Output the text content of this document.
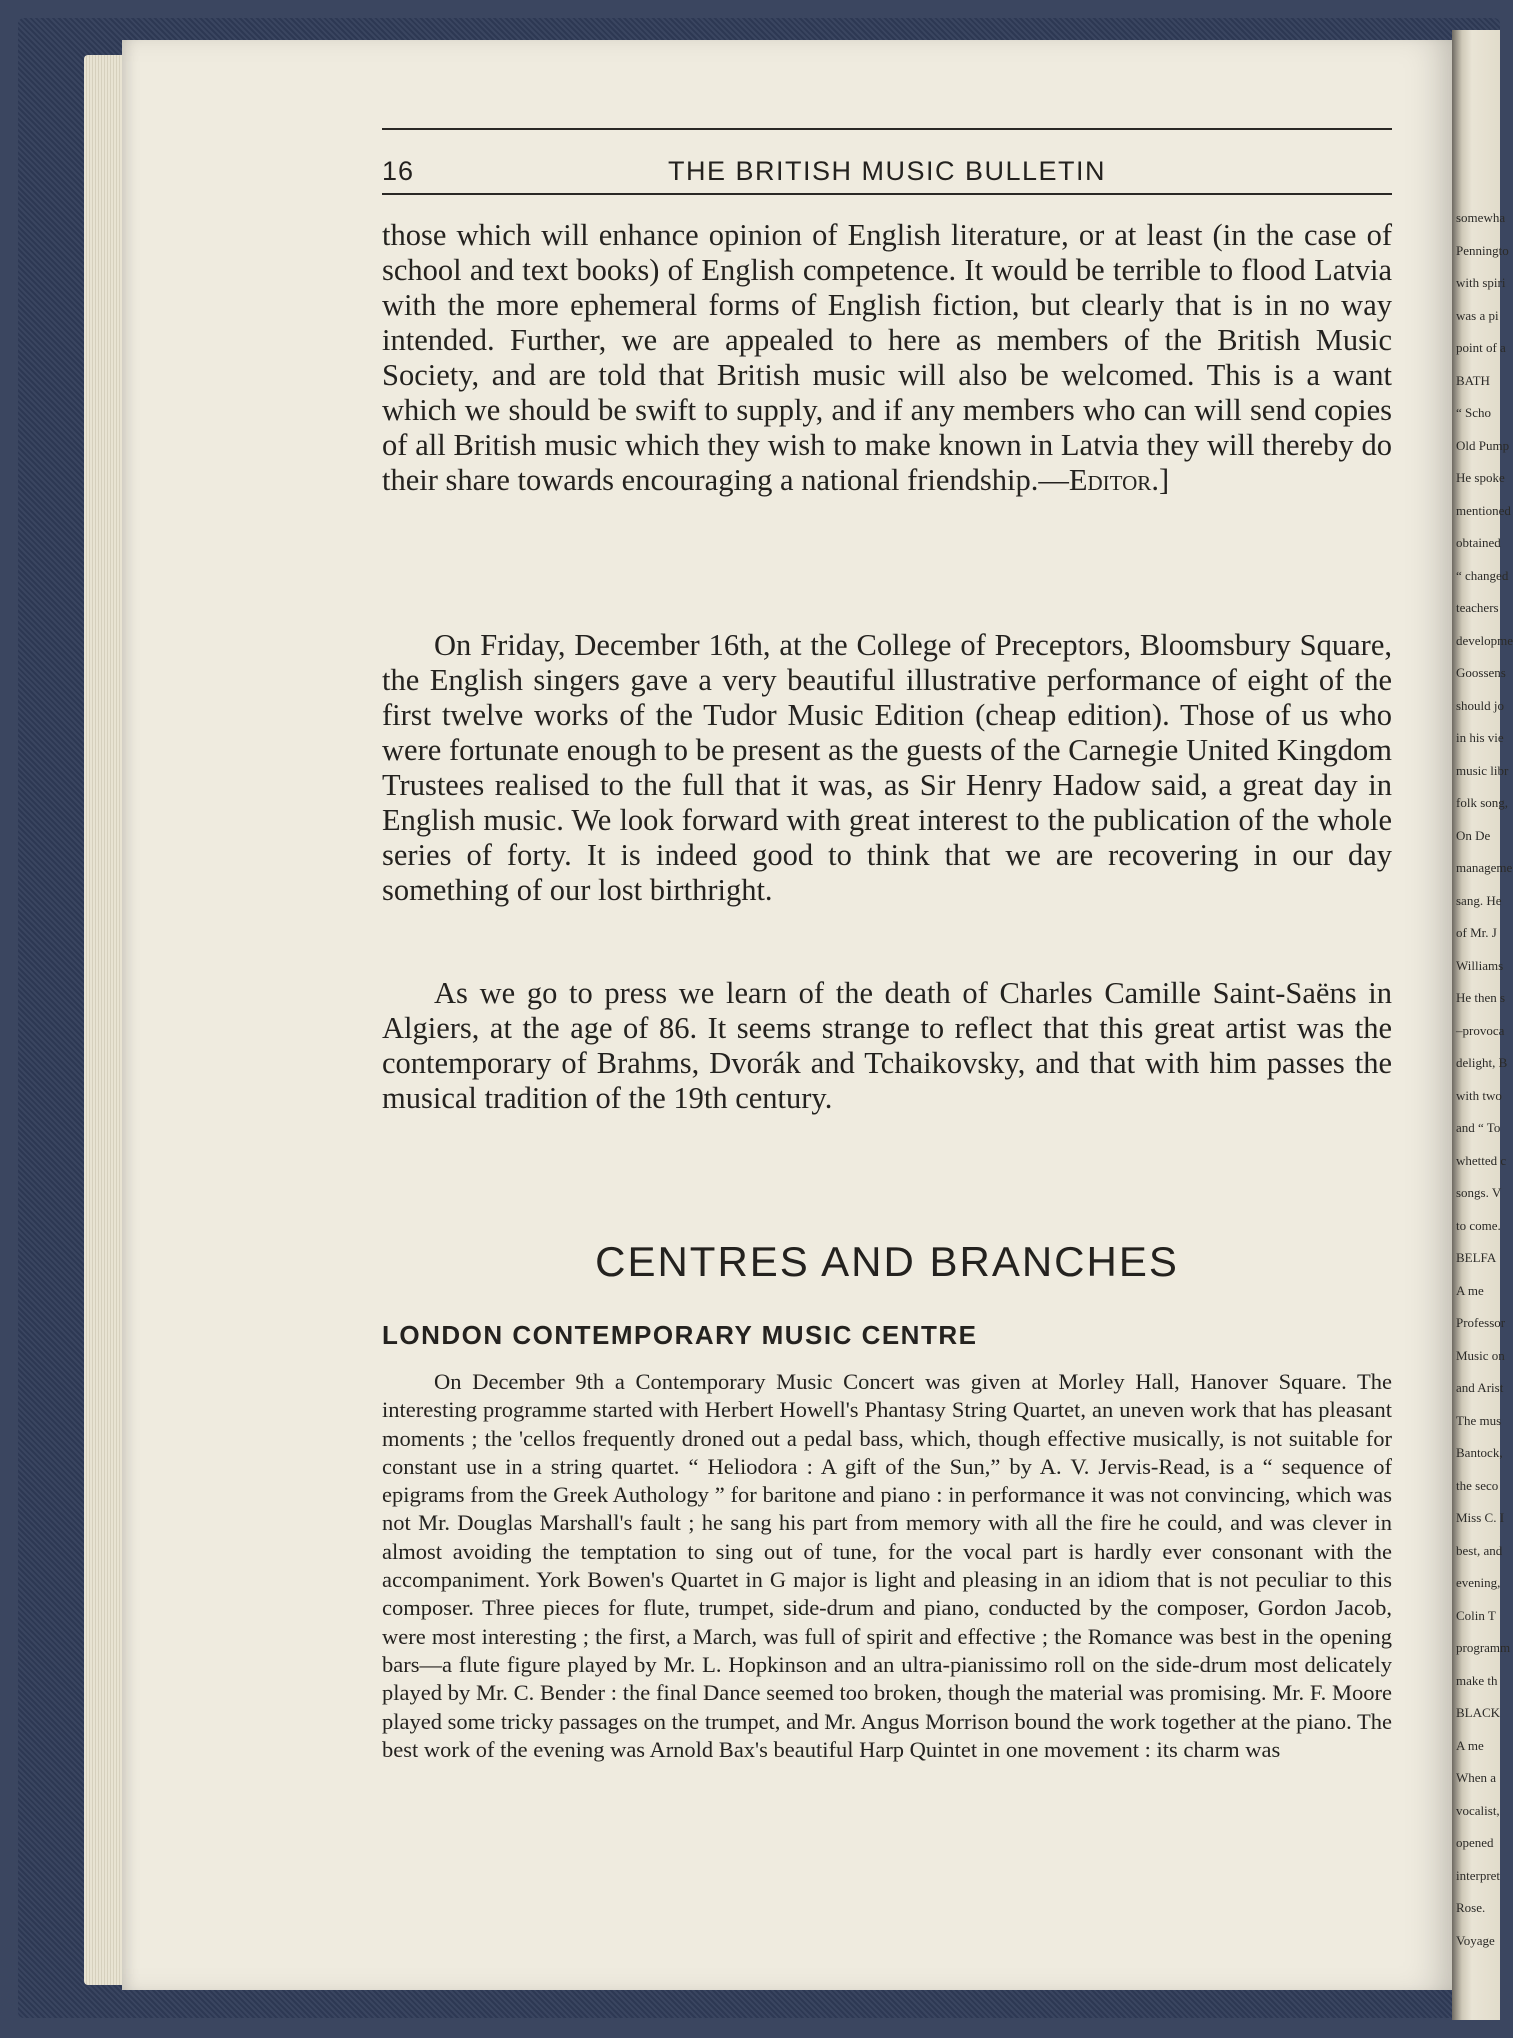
somewha
Penningto
with spiri
was a pi
point of a
BATH
“ Scho
Old Pump
He spoke
mentioned
obtained
“ changed
teachers
developme
Goossens
should jo
in his vie
music libr
folk song,
On De
manageme
sang. He
of Mr. J
Williams
He then s
–provoca
delight, B
with two
and “ To
whetted c
songs. V
to come.
BELFA
A me
Professor
Music on
and Arist
The mus
Bantock,
the seco
Miss C. I
best, and
evening,
Colin T
programm
make th
BLACK
A me
When a
vocalist,
opened
interpret
Rose.
Voyage
16	THE BRITISH MUSIC BULLETIN

those which will enhance opinion of English literature, or at least (in the case of school and text books) of English competence. It would be terrible to flood Latvia with the more ephemeral forms of English fiction, but clearly that is in no way intended. Further, we are appealed to here as members of the British Music Society, and are told that British music will also be welcomed. This is a want which we should be swift to supply, and if any members who can will send copies of all British music which they wish to make known in Latvia they will thereby do their share towards encouraging a national friendship.—Editor.]

On Friday, December 16th, at the College of Preceptors, Bloomsbury Square, the English singers gave a very beautiful illustrative performance of eight of the first twelve works of the Tudor Music Edition (cheap edition). Those of us who were fortunate enough to be present as the guests of the Carnegie United Kingdom Trustees realised to the full that it was, as Sir Henry Hadow said, a great day in English music. We look forward with great interest to the publication of the whole series of forty. It is indeed good to think that we are recovering in our day something of our lost birthright.

As we go to press we learn of the death of Charles Camille Saint-Saëns in Algiers, at the age of 86. It seems strange to reflect that this great artist was the contemporary of Brahms, Dvorák and Tchaikovsky, and that with him passes the musical tradition of the 19th century.

CENTRES AND BRANCHES
LONDON CONTEMPORARY MUSIC CENTRE

On December 9th a Contemporary Music Concert was given at Morley Hall, Hanover Square. The interesting programme started with Herbert Howell's Phantasy String Quartet, an uneven work that has pleasant moments ; the 'cellos frequently droned out a pedal bass, which, though effective musically, is not suitable for constant use in a string quartet. “ Heliodora : A gift of the Sun,” by A. V. Jervis-Read, is a “ sequence of epigrams from the Greek Authology ” for baritone and piano : in performance it was not convincing, which was not Mr. Douglas Marshall's fault ; he sang his part from memory with all the fire he could, and was clever in almost avoiding the temptation to sing out of tune, for the vocal part is hardly ever consonant with the accompaniment. York Bowen's Quartet in G major is light and pleasing in an idiom that is not peculiar to this composer. Three pieces for flute, trumpet, side-drum and piano, conducted by the composer, Gordon Jacob, were most interesting ; the first, a March, was full of spirit and effective ; the Romance was best in the opening bars—a flute figure played by Mr. L. Hopkinson and an ultra-pianissimo roll on the side-drum most delicately played by Mr. C. Bender : the final Dance seemed too broken, though the material was promising. Mr. F. Moore played some tricky passages on the trumpet, and Mr. Angus Morrison bound the work together at the piano. The best work of the evening was Arnold Bax's beautiful Harp Quintet in one movement : its charm was
